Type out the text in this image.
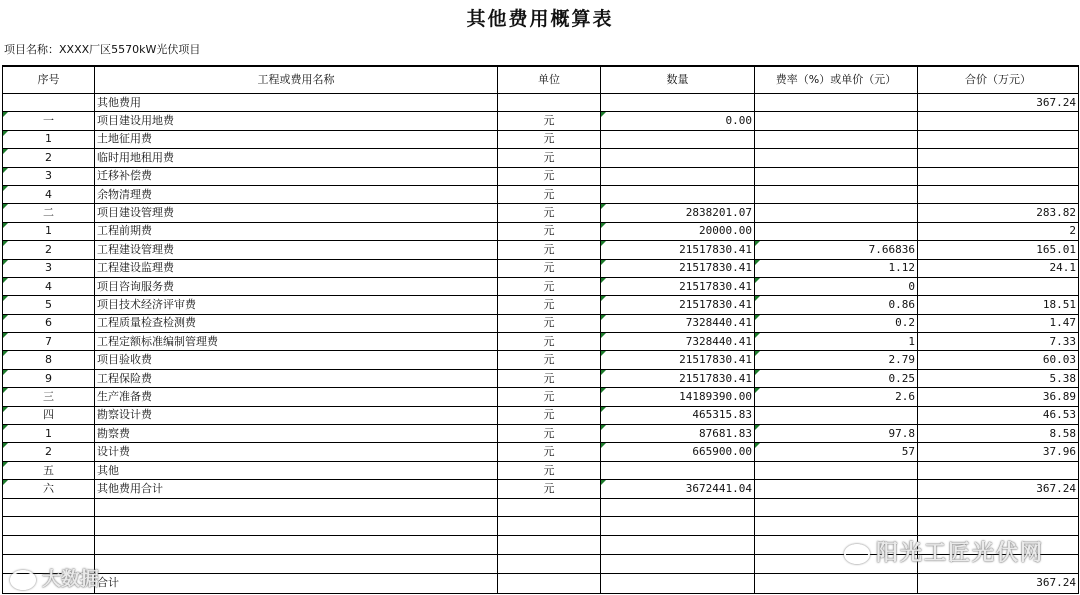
其他费用概算表
项目名称：XXXX厂区5570kW光伏项目
序号	工程或费用名称	单位	数量	费率（%）或单价（元）	合价（万元）
	其他费用				367.24
一	项目建设用地费	元	0.00		
1	土地征用费	元			
2	临时用地租用费	元			
3	迁移补偿费	元			
4	余物清理费	元			
二	项目建设管理费	元	2838201.07		283.82
1	工程前期费	元	20000.00		2
2	工程建设管理费	元	21517830.41	7.66836	165.01
3	工程建设监理费	元	21517830.41	1.12	24.1
4	项目咨询服务费	元	21517830.41	0	
5	项目技术经济评审费	元	21517830.41	0.86	18.51
6	工程质量检查检测费	元	7328440.41	0.2	1.47
7	工程定额标准编制管理费	元	7328440.41	1	7.33
8	项目验收费	元	21517830.41	2.79	60.03
9	工程保险费	元	21517830.41	0.25	5.38
三	生产准备费	元	14189390.00	2.6	36.89
四	勘察设计费	元	465315.83		46.53
1	勘察费	元	87681.83	97.8	8.58
2	设计费	元	665900.00	57	37.96
五	其他	元			
六	其他费用合计	元	3672441.04		367.24

	合计				367.24
大数据
阳光工匠光伏网
